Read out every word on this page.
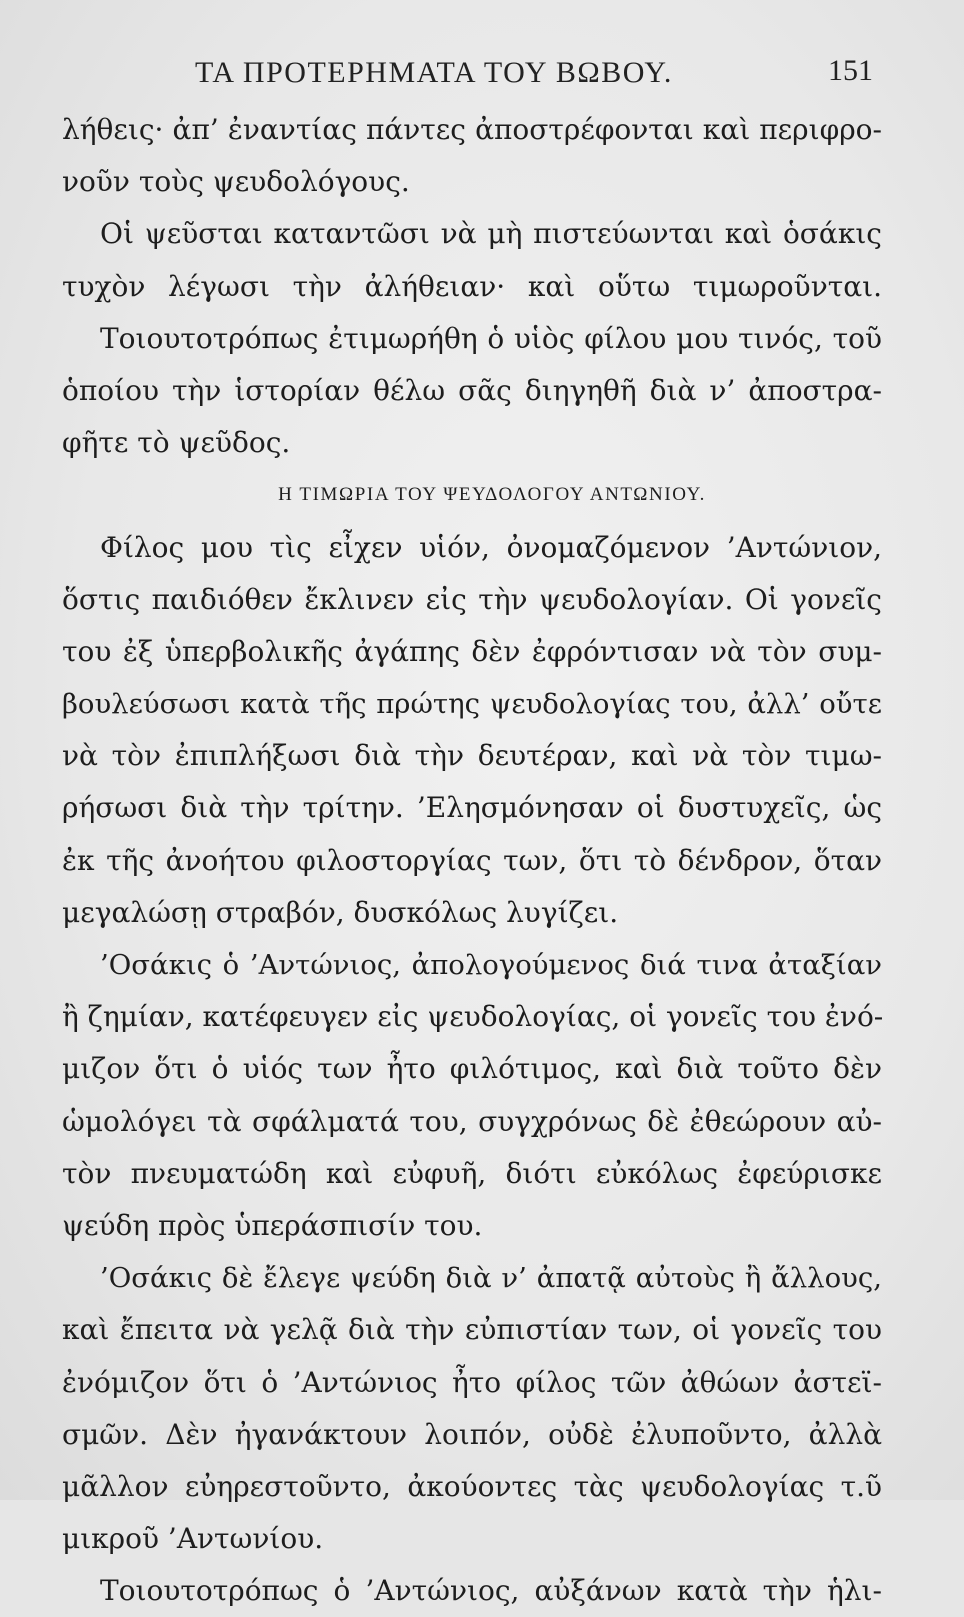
ΤΑ ΠΡΟΤΕΡΗΜΑΤΑ ΤΟΥ ΒΩΒΟΥ.	151
λήθεις· ἀπ’ ἐναντίας πάντες ἀποστρέφονται καὶ περιφρο-
νοῦν τοὺς ψευδολόγους.
Οἱ ψεῦσται καταντῶσι νὰ μὴ πιστεύωνται καὶ ὁσάκις
τυχὸν λέγωσι τὴν ἀλήθειαν· καὶ οὕτω τιμωροῦνται.
Τοιουτοτρόπως ἐτιμωρήθη ὁ υἱὸς φίλου μου τινός, τοῦ
ὁποίου τὴν ἱστορίαν θέλω σᾶς διηγηθῆ διὰ ν’ ἀποστρα-
φῆτε τὸ ψεῦδος.
Η ΤΙΜΩΡΙΑ ΤΟΥ ΨΕΥΔΟΛΟΓΟΥ ΑΝΤΩΝΙΟΥ.
Φίλος μου τὶς εἶχεν υἱόν, ὀνομαζόμενον ’Αντώνιον,
ὅστις παιδιόθεν ἔκλινεν εἰς τὴν ψευδολογίαν. Οἱ γονεῖς
του ἐξ ὑπερβολικῆς ἀγάπης δὲν ἐφρόντισαν νὰ τὸν συμ-
βουλεύσωσι κατὰ τῆς πρώτης ψευδολογίας του, ἀλλ’ οὔτε
νὰ τὸν ἐπιπλήξωσι διὰ τὴν δευτέραν, καὶ νὰ τὸν τιμω-
ρήσωσι διὰ τὴν τρίτην. ’Ελησμόνησαν οἱ δυστυχεῖς, ὡς
ἐκ τῆς ἀνοήτου φιλοστοργίας των, ὅτι τὸ δένδρον, ὅταν
μεγαλώσῃ στραβόν, δυσκόλως λυγίζει.
’Οσάκις ὁ ’Αντώνιος, ἀπολογούμενος διά τινα ἀταξίαν
ἢ ζημίαν, κατέφευγεν εἰς ψευδολογίας, οἱ γονεῖς του ἐνό-
μιζον ὅτι ὁ υἱός των ἦτο φιλότιμος, καὶ διὰ τοῦτο δὲν
ὡμολόγει τὰ σφάλματά του, συγχρόνως δὲ ἐθεώρουν αὐ-
τὸν πνευματώδη καὶ εὐφυῆ, διότι εὐκόλως ἐφεύρισκε
ψεύδη πρὸς ὑπεράσπισίν του.
’Οσάκις δὲ ἔλεγε ψεύδη διὰ ν’ ἀπατᾷ αὐτοὺς ἢ ἄλλους,
καὶ ἔπειτα νὰ γελᾷ διὰ τὴν εὐπιστίαν των, οἱ γονεῖς του
ἐνόμιζον ὅτι ὁ ’Αντώνιος ἦτο φίλος τῶν ἀθώων ἀστεϊ-
σμῶν. Δὲν ἠγανάκτουν λοιπόν, οὐδὲ ἐλυποῦντο, ἀλλὰ
μᾶλλον εὐηρεστοῦντο, ἀκούοντες τὰς ψευδολογίας τ.ῦ
μικροῦ ’Αντωνίου.
Τοιουτοτρόπως ὁ ’Αντώνιος, αὐξάνων κατὰ τὴν ἡλι-
